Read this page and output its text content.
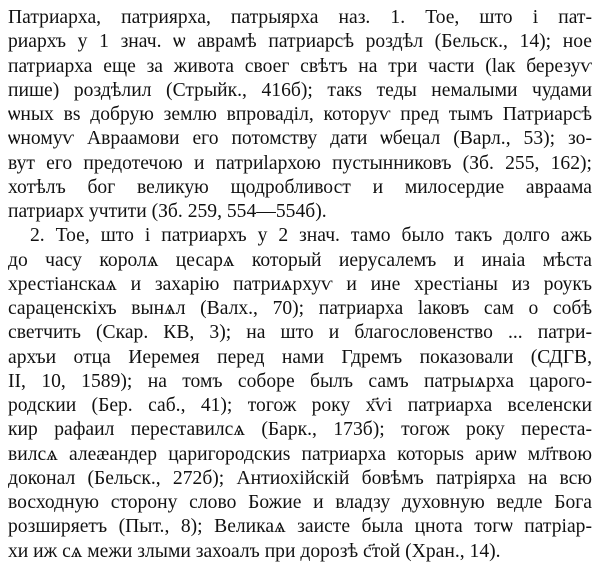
Патриарха, патриярха, патрыярха наз. 1. Тое, што і пат-
риархъ у 1 знач. ѡ аврамѣ патриарсѣ роздѣл (Бельск., 14); ное
патриарха еще за живота своег свѣтъ на три части (ӏак березуѵ
пише) роздѣлил (Стрыйк., 416б); такs теды немалыми чудами
ѡных вs добрую землю впроваділ, которуѵ пред тымъ Патриарсѣ
ѡномуѵ Авраамови его потомству дати ѡбецал (Варл., 53); зо-
вут его предотечою и патриӏархою пустынниковъ (Зб. 255, 162);
хотѣлъ бог великую щодробливост и милосердие авраама
патриарх учтити (Зб. 259, 554—554б).
2. Тое, што і патриархъ у 2 знач. тамо было такъ долго ажь
до часу королѧ цесарѧ который иерусалемъ и инаіа мѣста
хрестіанскаѧ и захарію патриѧрхуѵ и ине хрестіаны из роукъ
сараценскіхъ вынѧл (Валх., 70); патриарха ӏаковъ сам о собѣ
светчить (Скар. КВ, 3); на што и благословенство ... патри-
архъи отца Иеремея перед нами Гдремъ показовали (СДГВ,
II, 10, 1589); на томъ соборе былъ самъ патрыѧрха царого-
родскии (Бер. саб., 41); тогож року х҃ѵі патриарха вселенски
кир рафаил переставилсѧ (Барк., 173б); тогож року переста-
вилсѧ алеӕандер царигородскиs патриарха которыs ариѡ мл҃твою
доконал (Бельск., 272б); Антиохійскій бовѣмъ патріярха на всю
восходную сторону слово Божие и владзу духовную ведле Бога
розширяетъ (Пыт., 8); Великаѧ заисте была цнота тогѡ патріар-
хи иж сѧ межи злыми захоалъ при дорозѣ с҃той (Хран., 14).
